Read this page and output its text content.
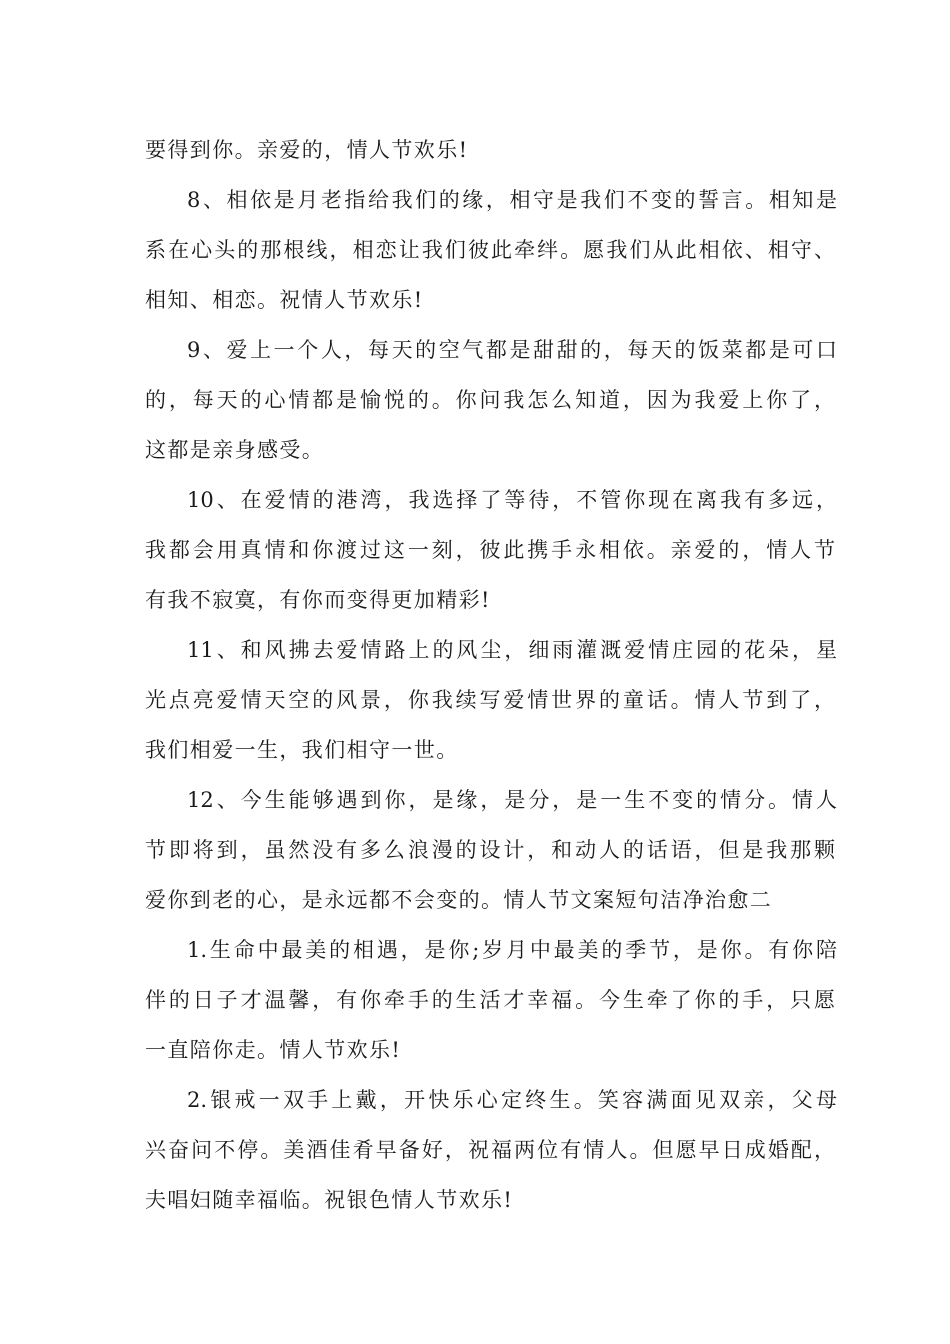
要得到你。亲爱的，情人节欢乐!
8、相依是月老指给我们的缘，相守是我们不变的誓言。相知是
系在心头的那根线，相恋让我们彼此牵绊。愿我们从此相依、相守、
相知、相恋。祝情人节欢乐!
9、爱上一个人，每天的空气都是甜甜的，每天的饭菜都是可口
的，每天的心情都是愉悦的。你问我怎么知道，因为我爱上你了，
这都是亲身感受。
10、在爱情的港湾，我选择了等待，不管你现在离我有多远，
我都会用真情和你渡过这一刻，彼此携手永相依。亲爱的，情人节
有我不寂寞，有你而变得更加精彩!
11、和风拂去爱情路上的风尘，细雨灌溉爱情庄园的花朵，星
光点亮爱情天空的风景，你我续写爱情世界的童话。情人节到了，
我们相爱一生，我们相守一世。
12、今生能够遇到你，是缘，是分，是一生不变的情分。情人
节即将到，虽然没有多么浪漫的设计，和动人的话语，但是我那颗
爱你到老的心，是永远都不会变的。情人节文案短句洁净治愈二
1.生命中最美的相遇，是你;岁月中最美的季节，是你。有你陪
伴的日子才温馨，有你牵手的生活才幸福。今生牵了你的手，只愿
一直陪你走。情人节欢乐!
2.银戒一双手上戴，开快乐心定终生。笑容满面见双亲，父母
兴奋问不停。美酒佳肴早备好，祝福两位有情人。但愿早日成婚配，
夫唱妇随幸福临。祝银色情人节欢乐!
